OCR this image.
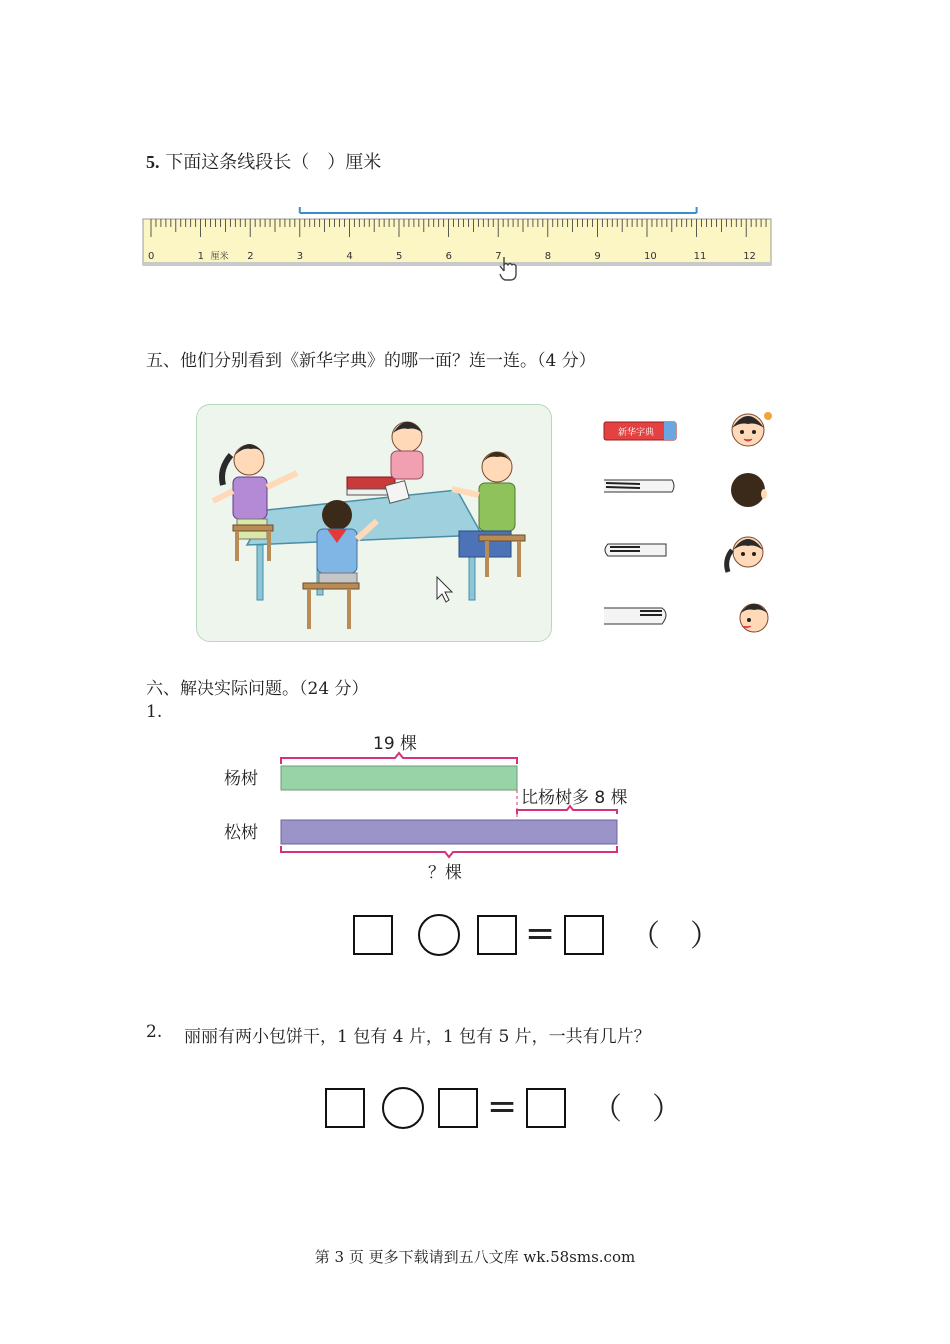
5. 下面这条线段长（　）厘米
0	1	2	3	4	5	6	7	8	9	10	11	12
厘米
五、他们分别看到《新华字典》的哪一面？连一连。（4 分）
新华字典
六、解决实际问题。（24 分）
1.
19 棵
杨树
比杨树多 8 棵
松树
？棵
= （　）
2. 丽丽有两小包饼干，1 包有 4 片，1 包有 5 片，一共有几片？
= （　）
第 3 页 更多下载请到五八文库 wk.58sms.com
